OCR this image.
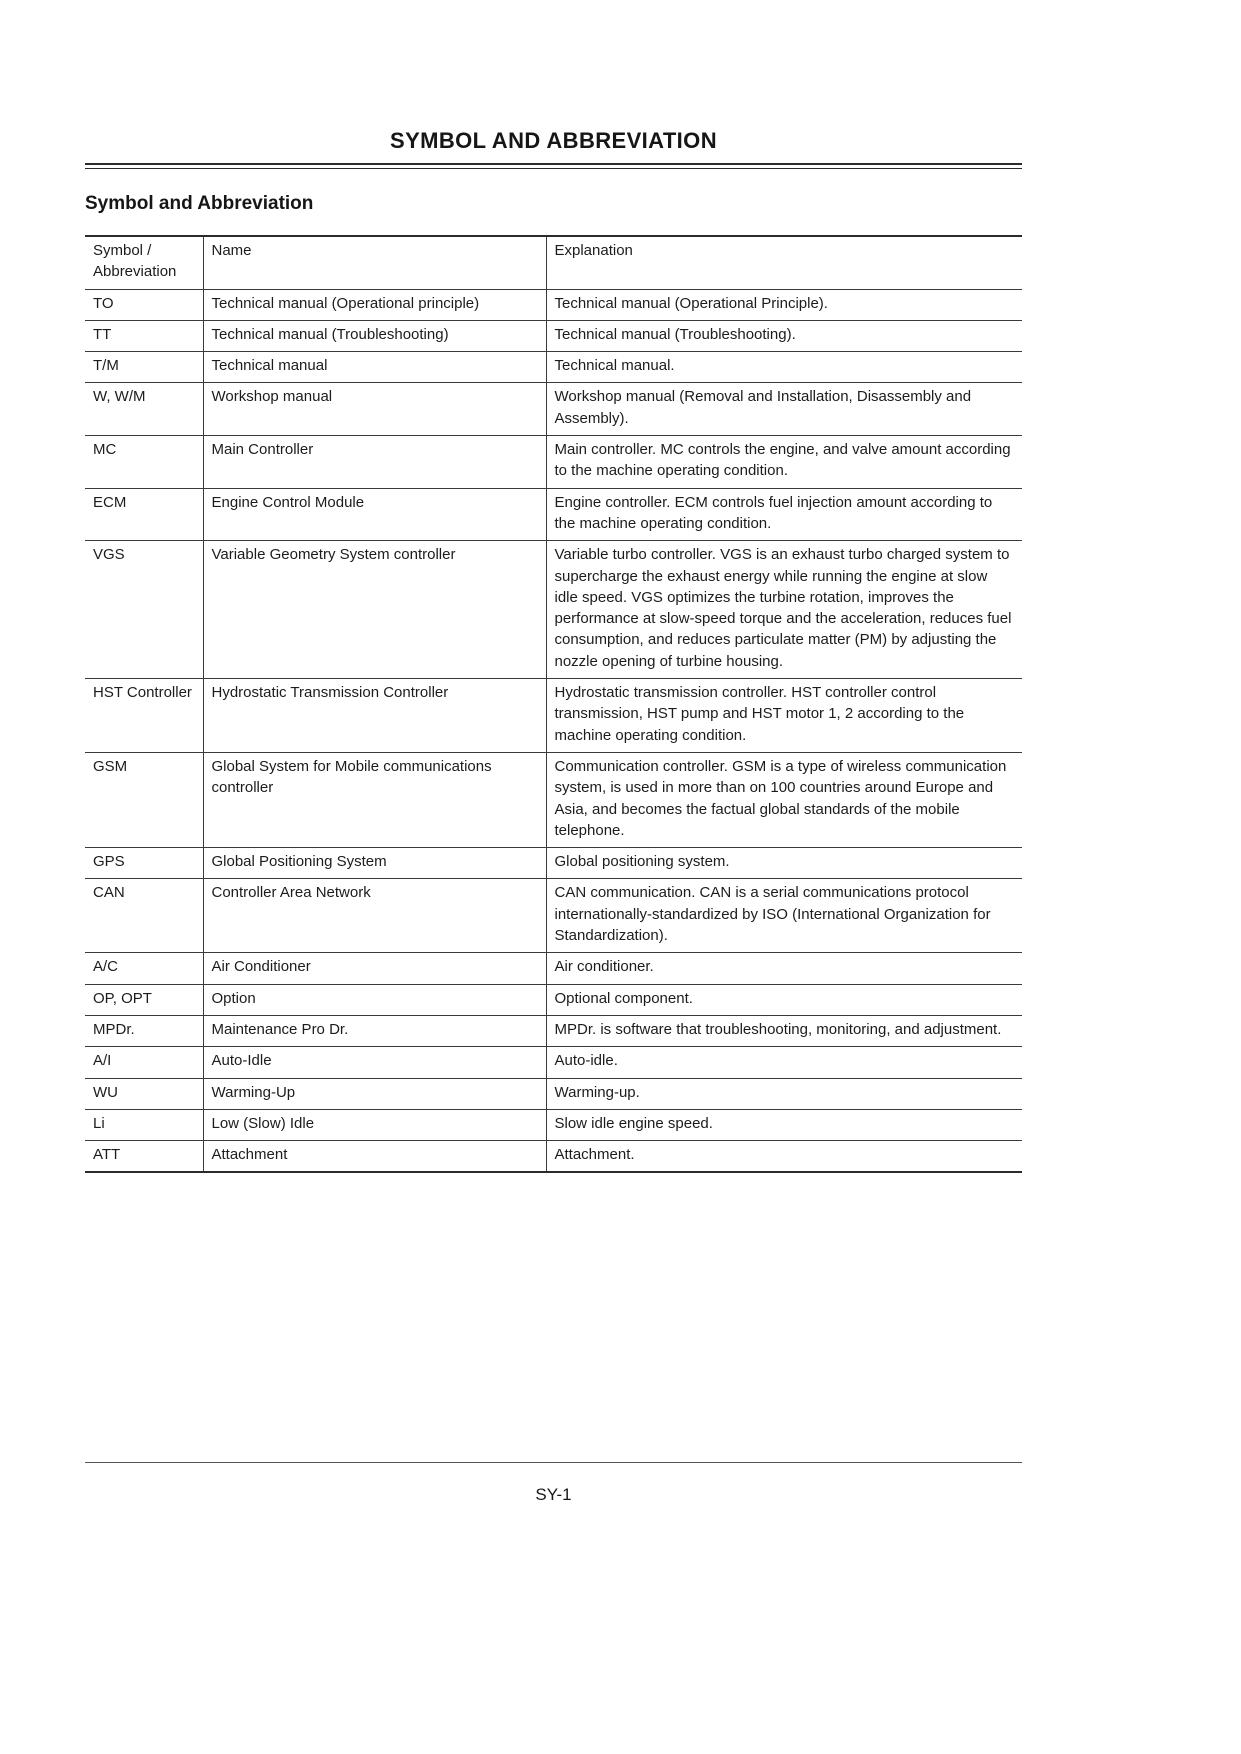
SYMBOL AND ABBREVIATION
Symbol and Abbreviation
Symbol / Abbreviation	Name	Explanation
TO	Technical manual (Operational principle)	Technical manual (Operational Principle).
TT	Technical manual (Troubleshooting)	Technical manual (Troubleshooting).
T/M	Technical manual	Technical manual.
W, W/M	Workshop manual	Workshop manual (Removal and Installation, Disassembly and Assembly).
MC	Main Controller	Main controller. MC controls the engine, and valve amount according to the machine operating condition.
ECM	Engine Control Module	Engine controller. ECM controls fuel injection amount according to the machine operating condition.
VGS	Variable Geometry System controller	Variable turbo controller. VGS is an exhaust turbo charged system to supercharge the exhaust energy while running the engine at slow idle speed. VGS optimizes the turbine rotation, improves the performance at slow-speed torque and the acceleration, reduces fuel consumption, and reduces particulate matter (PM) by adjusting the nozzle opening of turbine housing.
HST Controller	Hydrostatic Transmission Controller	Hydrostatic transmission controller. HST controller control transmission, HST pump and HST motor 1, 2 according to the machine operating condition.
GSM	Global System for Mobile communications controller	Communication controller. GSM is a type of wireless communication system, is used in more than on 100 countries around Europe and Asia, and becomes the factual global standards of the mobile telephone.
GPS	Global Positioning System	Global positioning system.
CAN	Controller Area Network	CAN communication. CAN is a serial communications protocol internationally-standardized by ISO (International Organization for Standardization).
A/C	Air Conditioner	Air conditioner.
OP, OPT	Option	Optional component.
MPDr.	Maintenance Pro Dr.	MPDr. is software that troubleshooting, monitoring, and adjustment.
A/I	Auto-Idle	Auto-idle.
WU	Warming-Up	Warming-up.
Li	Low (Slow) Idle	Slow idle engine speed.
ATT	Attachment	Attachment.
SY-1
